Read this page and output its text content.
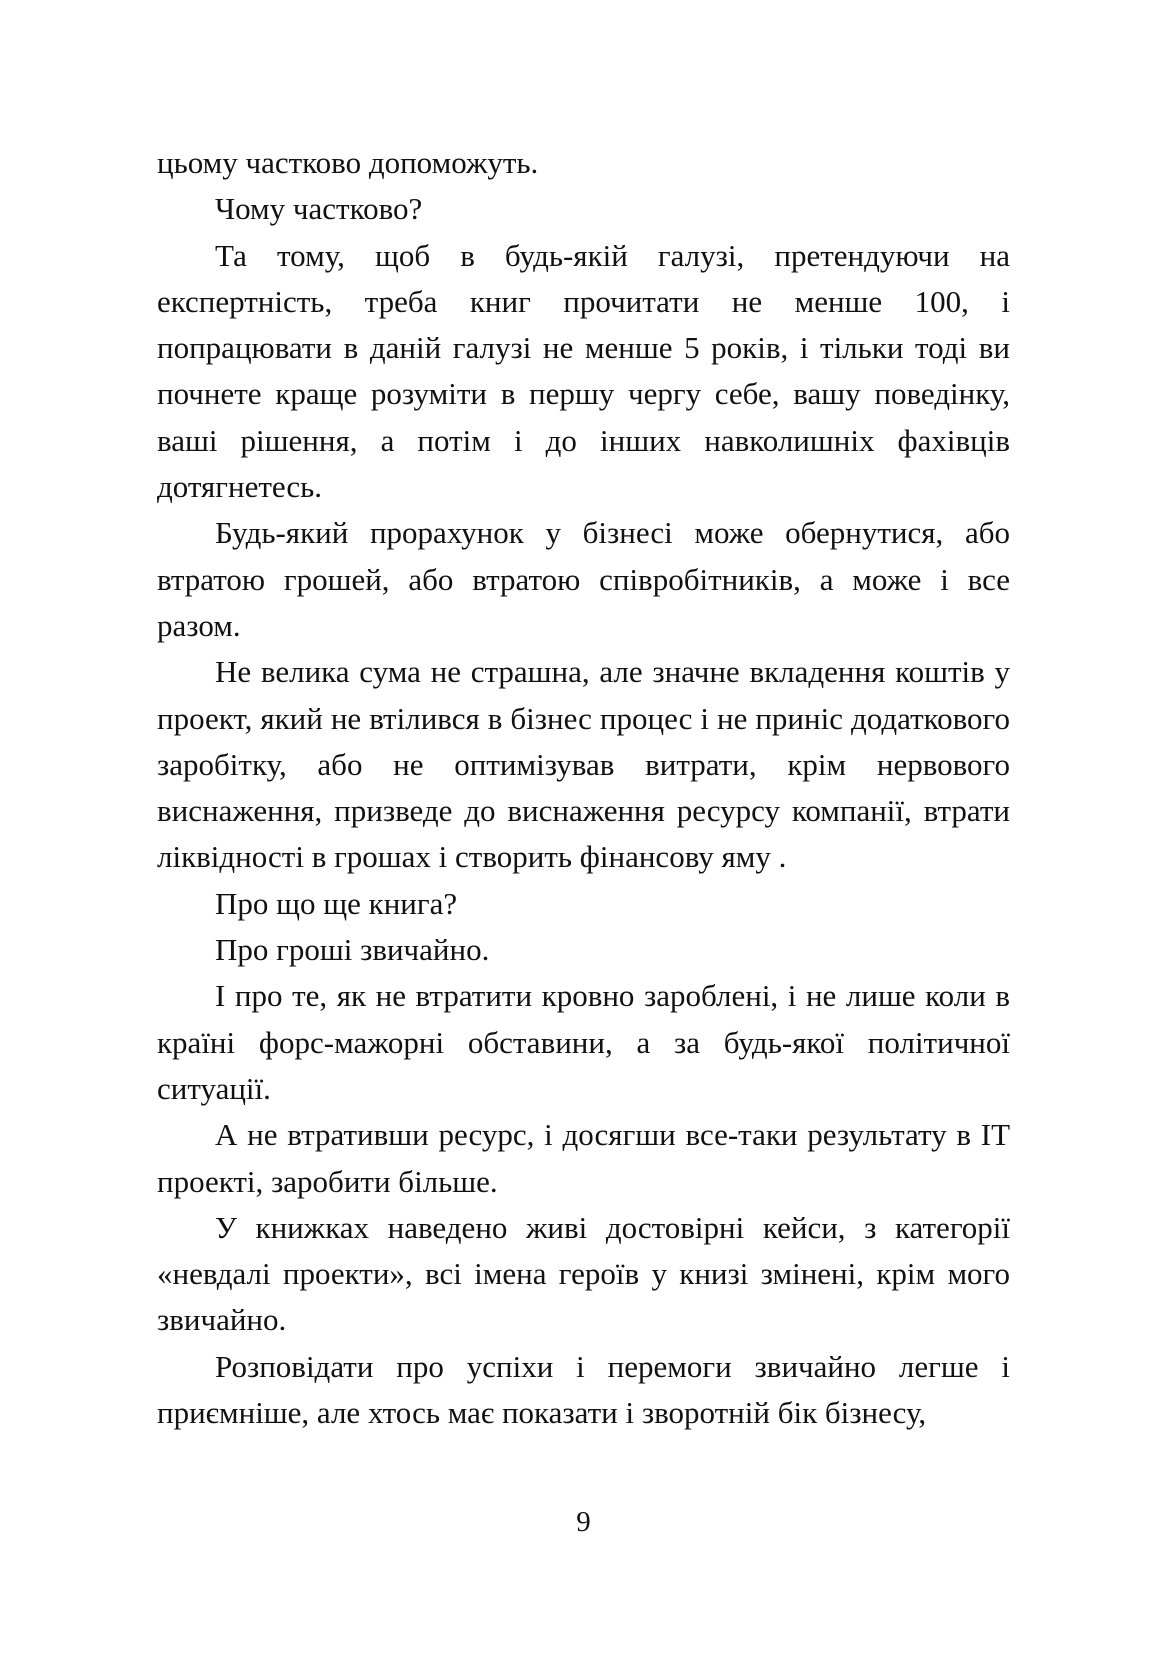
цьому частково допоможуть.

Чому частково?

Та тому, щоб в будь-якій галузі, претендуючи на експертність, треба книг прочитати не менше 100, і попрацювати в даній галузі не менше 5 років, і тільки тоді ви почнете краще розуміти в першу чергу себе, вашу поведінку, ваші рішення, а потім і до інших навколишніх фахівців дотягнетесь.

Будь-який прорахунок у бізнесі може обернутися, або втратою грошей, або втратою співробітників, а може і все разом.

Не велика сума не страшна, але значне вкладення коштів у проект, який не втілився в бізнес процес і не приніс додаткового заробітку, або не оптимізував витрати, крім нервового виснаження, призведе до виснаження ресурсу компанії, втрати ліквідності в грошах і створить фінансову яму .

Про що ще книга?

Про гроші звичайно.

І про те, як не втратити кровно зароблені, і не лише коли в країні форс-мажорні обставини, а за будь-якої політичної ситуації.

А не втративши ресурс, і досягши все-таки результату в IT проекті, заробити більше.

У книжках наведено живі достовірні кейси, з категорії «невдалі проекти», всі імена героїв у книзі змінені, крім мого звичайно.

Розповідати про успіхи і перемоги звичайно легше і приємніше, але хтось має показати і зворотній бік бізнесу,

9
